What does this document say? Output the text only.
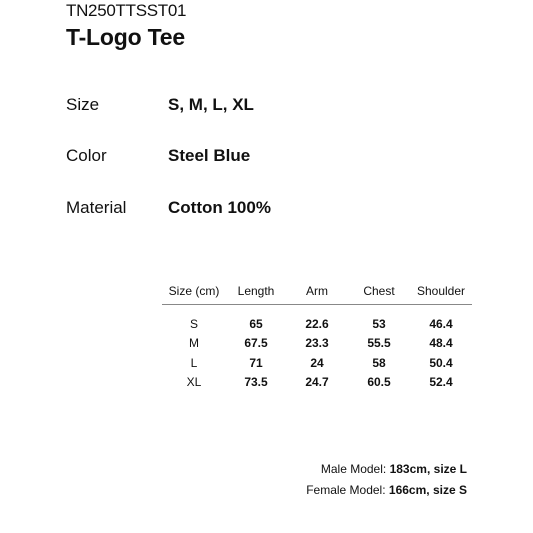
TN250TTSST01
T-Logo Tee
Size	S, M, L, XL
Color	Steel Blue
Material Cotton 100%
Size (cm)	Length	Arm	Chest	Shoulder
S	65	22.6	53	46.4
M	67.5	23.3	55.5	48.4
L	71	24	58	50.4
XL	73.5	24.7	60.5	52.4
Male Model: 183cm, size L
Female Model: 166cm, size S
